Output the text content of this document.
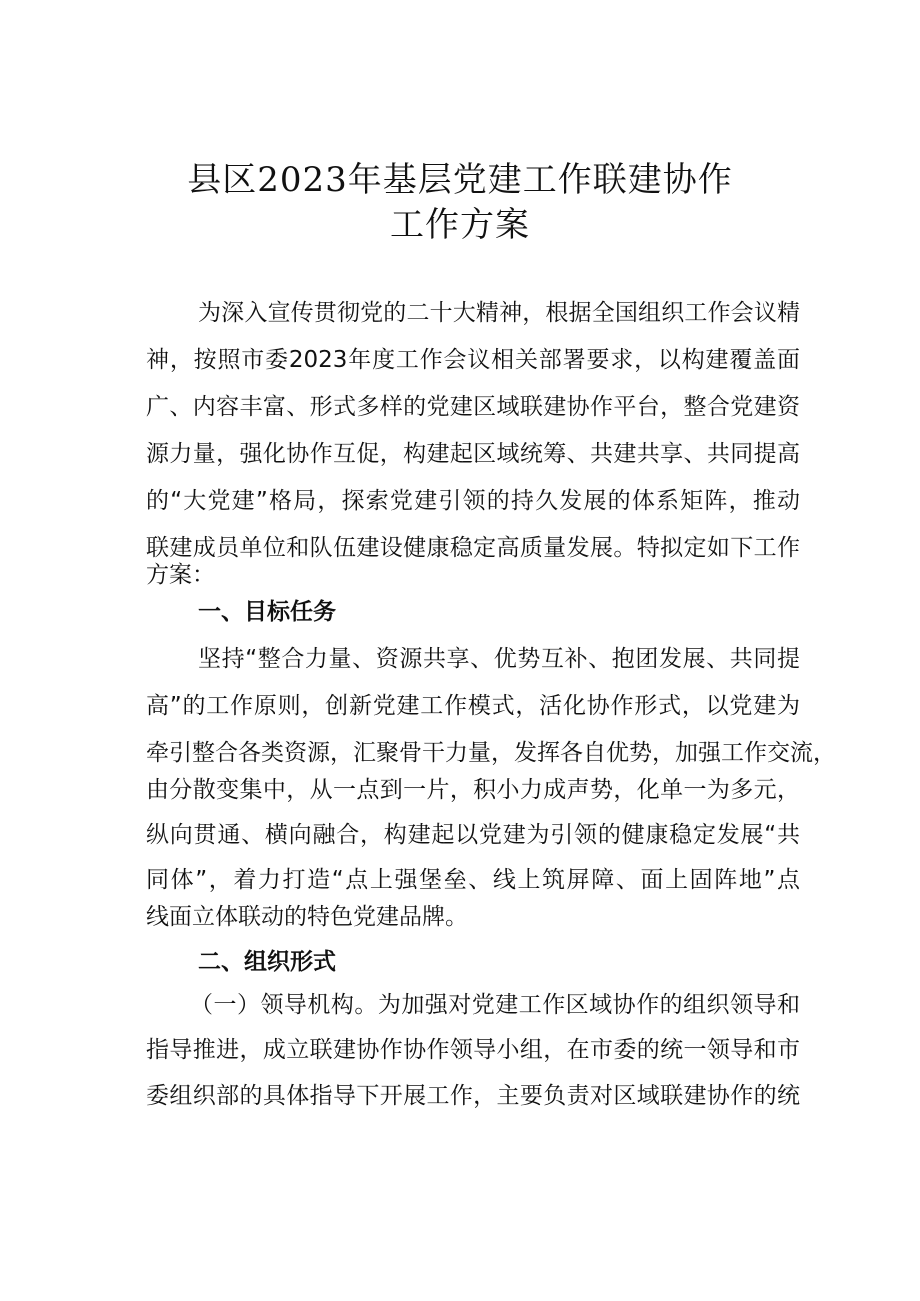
县区2023年基层党建工作联建协作
工作方案
为深入宣传贯彻党的二十大精神，根据全国组织工作会议精
神，按照市委2023年度工作会议相关部署要求，以构建覆盖面
广、内容丰富、形式多样的党建区域联建协作平台，整合党建资
源力量，强化协作互促，构建起区域统筹、共建共享、共同提高
的“大党建”格局，探索党建引领的持久发展的体系矩阵，推动
联建成员单位和队伍建设健康稳定高质量发展。特拟定如下工作
方案：
一、目标任务
坚持“整合力量、资源共享、优势互补、抱团发展、共同提
高”的工作原则，创新党建工作模式，活化协作形式，以党建为
牵引整合各类资源，汇聚骨干力量，发挥各自优势，加强工作交流，
由分散变集中，从一点到一片，积小力成声势，化单一为多元，
纵向贯通、横向融合，构建起以党建为引领的健康稳定发展“共
同体”，着力打造“点上强堡垒、线上筑屏障、面上固阵地”点
线面立体联动的特色党建品牌。
二、组织形式
（一）领导机构。为加强对党建工作区域协作的组织领导和
指导推进，成立联建协作协作领导小组，在市委的统一领导和市
委组织部的具体指导下开展工作，主要负责对区域联建协作的统
